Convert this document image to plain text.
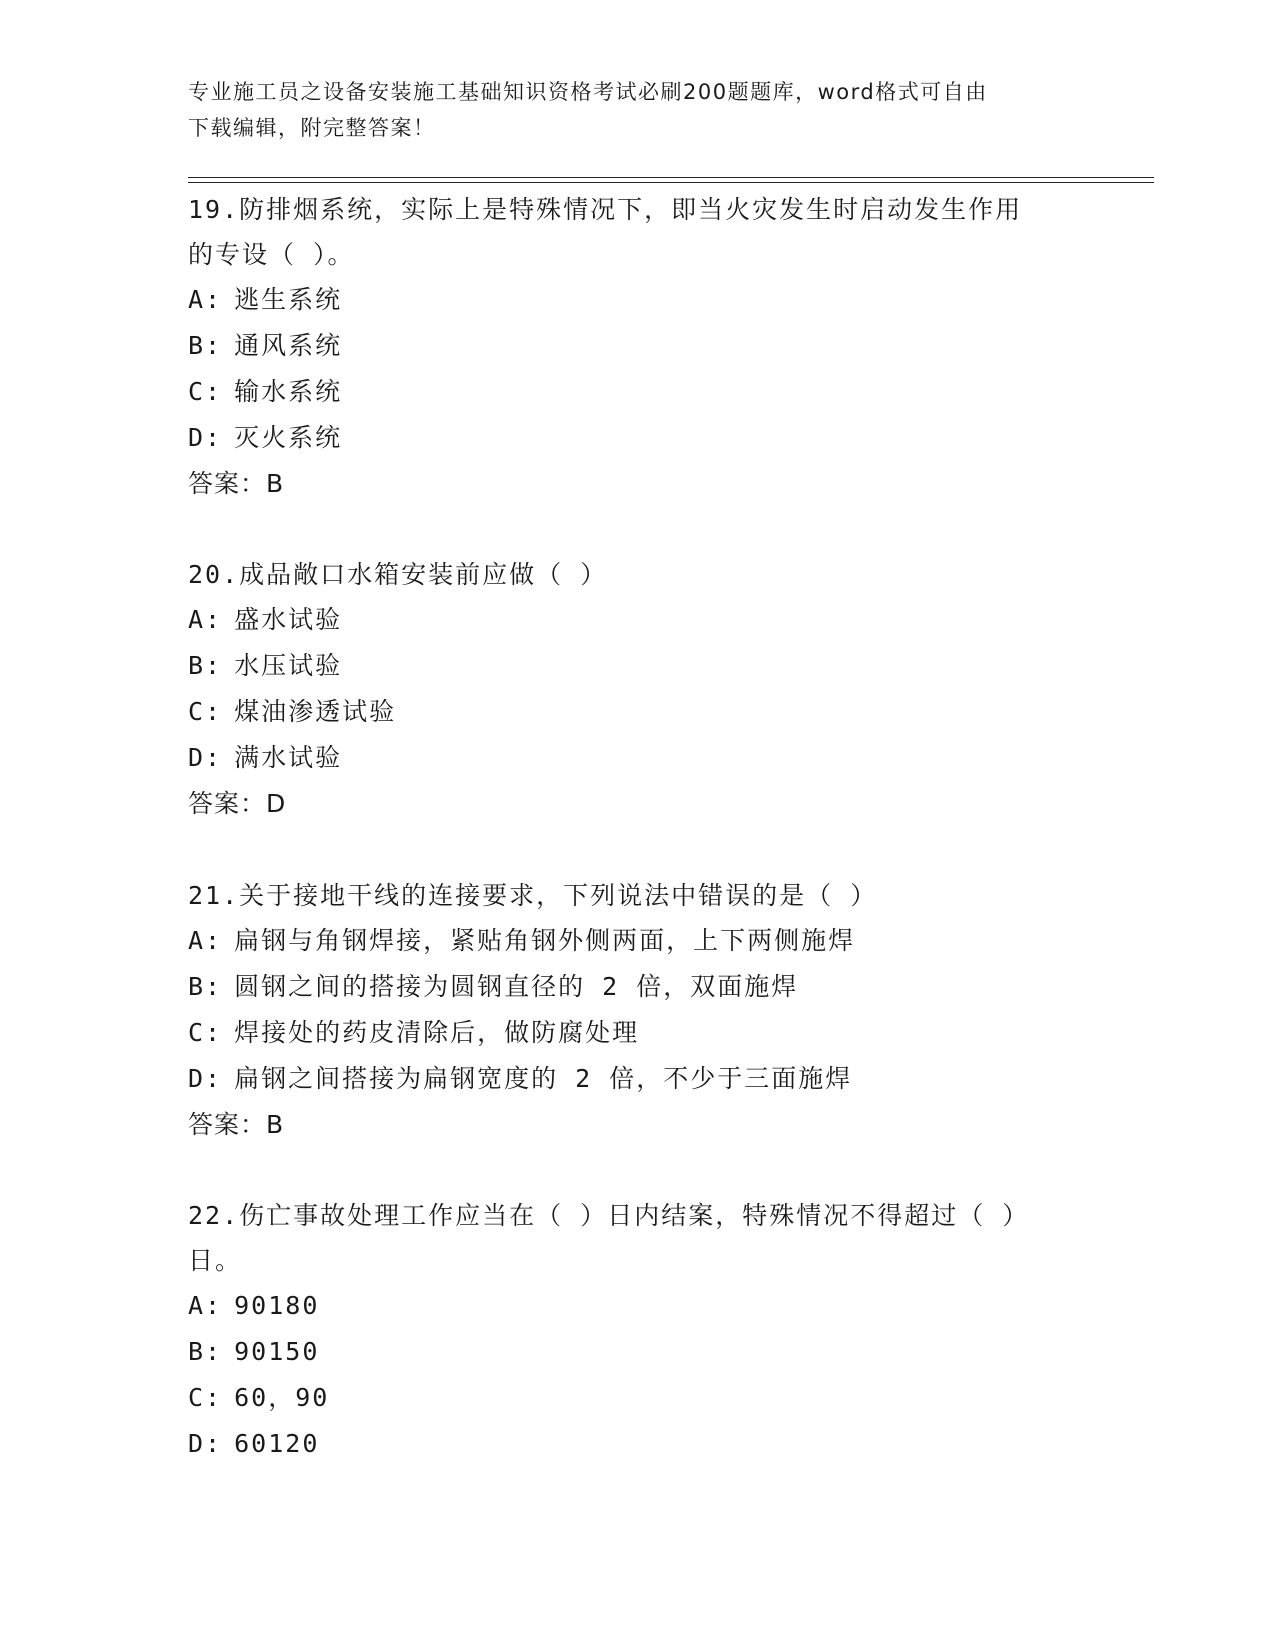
专业施工员之设备安装施工基础知识资格考试必刷200题题库，word格式可自由
下载编辑，附完整答案！

19.防排烟系统，实际上是特殊情况下，即当火灾发生时启动发生作用
的专设（ ）。

A: 逃生系统
B: 通风系统
C: 输水系统
D: 灭火系统
答案：B

20.成品敞口水箱安装前应做（ ）

A: 盛水试验
B: 水压试验
C: 煤油渗透试验
D: 满水试验
答案：D

21.关于接地干线的连接要求，下列说法中错误的是（ ）

A: 扁钢与角钢焊接，紧贴角钢外侧两面，上下两侧施焊
B: 圆钢之间的搭接为圆钢直径的 2 倍，双面施焊
C: 焊接处的药皮清除后，做防腐处理
D: 扁钢之间搭接为扁钢宽度的 2 倍，不少于三面施焊
答案：B

22.伤亡事故处理工作应当在（ ）日内结案，特殊情况不得超过（ ）
日。

A: 90180
B: 90150
C: 60，90
D: 60120
